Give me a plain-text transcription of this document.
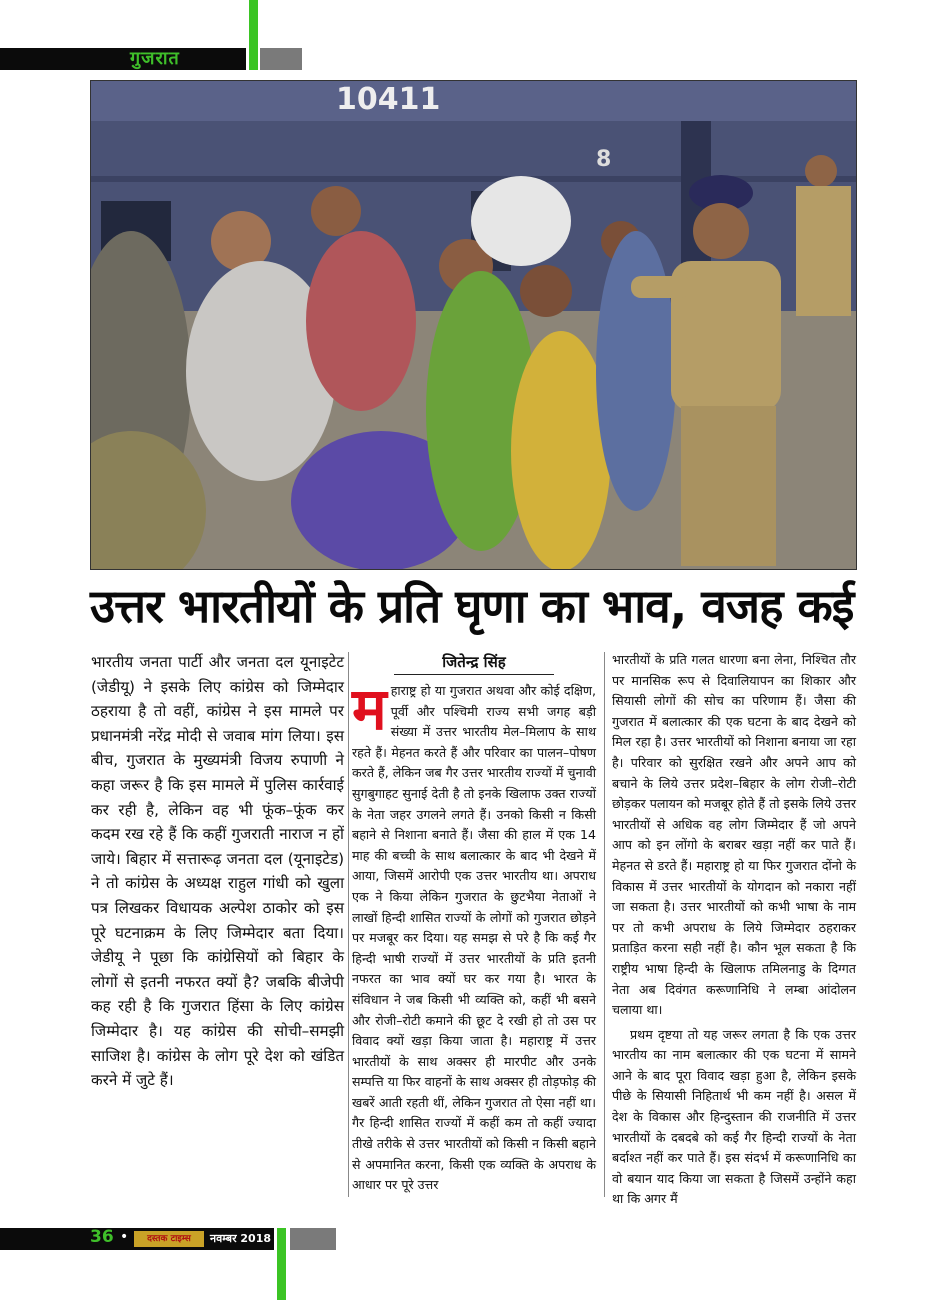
गुजरात
10411
8
उत्तर भारतीयों के प्रति घृणा का भाव, वजह कई
भारतीय जनता पार्टी और जनता दल यूनाइटेट (जेडीयू) ने इसके लिए कांग्रेस को जिम्मेदार ठहराया है तो वहीं, कांग्रेस ने इस मामले पर प्रधानमंत्री नरेंद्र मोदी से जवाब मांग लिया। इस बीच, गुजरात के मुख्यमंत्री विजय रुपाणी ने कहा जरूर है कि इस मामले में पुलिस कार्रवाई कर रही है, लेकिन वह भी फूंक–फूंक कर कदम रख रहे हैं कि कहीं गुजराती नाराज न हों जाये। बिहार में सत्तारूढ़ जनता दल (यूनाइटेड) ने तो कांग्रेस के अध्यक्ष राहुल गांधी को खुला पत्र लिखकर विधायक अल्पेश ठाकोर को इस पूरे घटनाक्रम के लिए जिम्मेदार बता दिया। जेडीयू ने पूछा कि कांग्रेसियों को बिहार के लोगों से इतनी नफरत क्यों है? जबकि बीजेपी कह रही है कि गुजरात हिंसा के लिए कांग्रेस जिम्मेदार है। यह कांग्रेस की सोची–समझी साजिश है। कांग्रेस के लोग पूरे देश को खंडित करने में जुटे हैं।
जितेन्द्र सिंह
म हाराष्ट्र हो या गुजरात अथवा और कोई दक्षिण, पूर्वी और पश्चिमी राज्य सभी जगह बड़ी संख्या में उत्तर भारतीय मेल–मिलाप के साथ रहते हैं। मेहनत करते हैं और परिवार का पालन–पोषण करते हैं, लेकिन जब गैर उत्तर भारतीय राज्यों में चुनावी सुगबुगाहट सुनाई देती है तो इनके खिलाफ उक्त राज्यों के नेता जहर उगलने लगते हैं। उनको किसी न किसी बहाने से निशाना बनाते हैं। जैसा की हाल में एक 14 माह की बच्ची के साथ बलात्कार के बाद भी देखने में आया, जिसमें आरोपी एक उत्तर भारतीय था। अपराध एक ने किया लेकिन गुजरात के छुटभैया नेताओं ने लाखों हिन्दी शासित राज्यों के लोगों को गुजरात छोड़ने पर मजबूर कर दिया। यह समझ से परे है कि कई गैर हिन्दी भाषी राज्यों में उत्तर भारतीयों के प्रति इतनी नफरत का भाव क्यों घर कर गया है। भारत के संविधान ने जब किसी भी व्यक्ति को, कहीं भी बसने और रोजी–रोटी कमाने की छूट दे रखी हो तो उस पर विवाद क्यों खड़ा किया जाता है। महाराष्ट्र में उत्तर भारतीयों के साथ अक्सर ही मारपीट और उनके सम्पत्ति या फिर वाहनों के साथ अक्सर ही तोड़फोड़ की खबरें आती रहती थीं, लेकिन गुजरात तो ऐसा नहीं था। गैर हिन्दी शासित राज्यों में कहीं कम तो कहीं ज्यादा तीखे तरीके से उत्तर भारतीयों को किसी न किसी बहाने से अपमानित करना, किसी एक व्यक्ति के अपराध के आधार पर पूरे उत्तर

भारतीयों के प्रति गलत धारणा बना लेना, निश्चित तौर पर मानसिक रूप से दिवालियापन का शिकार और सियासी लोगों की सोच का परिणाम हैं। जैसा की गुजरात में बलात्कार की एक घटना के बाद देखने को मिल रहा है। उत्तर भारतीयों को निशाना बनाया जा रहा है। परिवार को सुरक्षित रखने और अपने आप को बचाने के लिये उत्तर प्रदेश–बिहार के लोग रोजी–रोटी छोड़कर पलायन को मजबूर होते हैं तो इसके लिये उत्तर भारतीयों से अधिक वह लोग जिम्मेदार हैं जो अपने आप को इन लोंगो के बराबर खड़ा नहीं कर पाते हैं। मेहनत से डरते हैं। महाराष्ट्र हो या फिर गुजरात दोंनो के विकास में उत्तर भारतीयों के योगदान को नकारा नहीं जा सकता है। उत्तर भारतीयों को कभी भाषा के नाम पर तो कभी अपराध के लिये जिम्मेदार ठहराकर प्रताड़ित करना सही नहीं है। कौन भूल सकता है कि राष्ट्रीय भाषा हिन्दी के खिलाफ तमिलनाडु के दिग्गत नेता अब दिवंगत करूणानिधि ने लम्बा आंदोलन चलाया था।

प्रथम दृष्टया तो यह जरूर लगता है कि एक उत्तर भारतीय का नाम बलात्कार की एक घटना में सामने आने के बाद पूरा विवाद खड़ा हुआ है, लेकिन इसके पीछे के सियासी निहितार्थ भी कम नहीं है। असल में देश के विकास और हिन्दुस्तान की राजनीति में उत्तर भारतीयों के दबदबे को कई गैर हिन्दी राज्यों के नेता बर्दाश्त नहीं कर पाते हैं। इस संदर्भ में करूणानिधि का वो बयान याद किया जा सकता है जिसमें उन्होंने कहा था कि अगर मैं

36 •	दस्तक टाइम्स	नवम्बर 2018
